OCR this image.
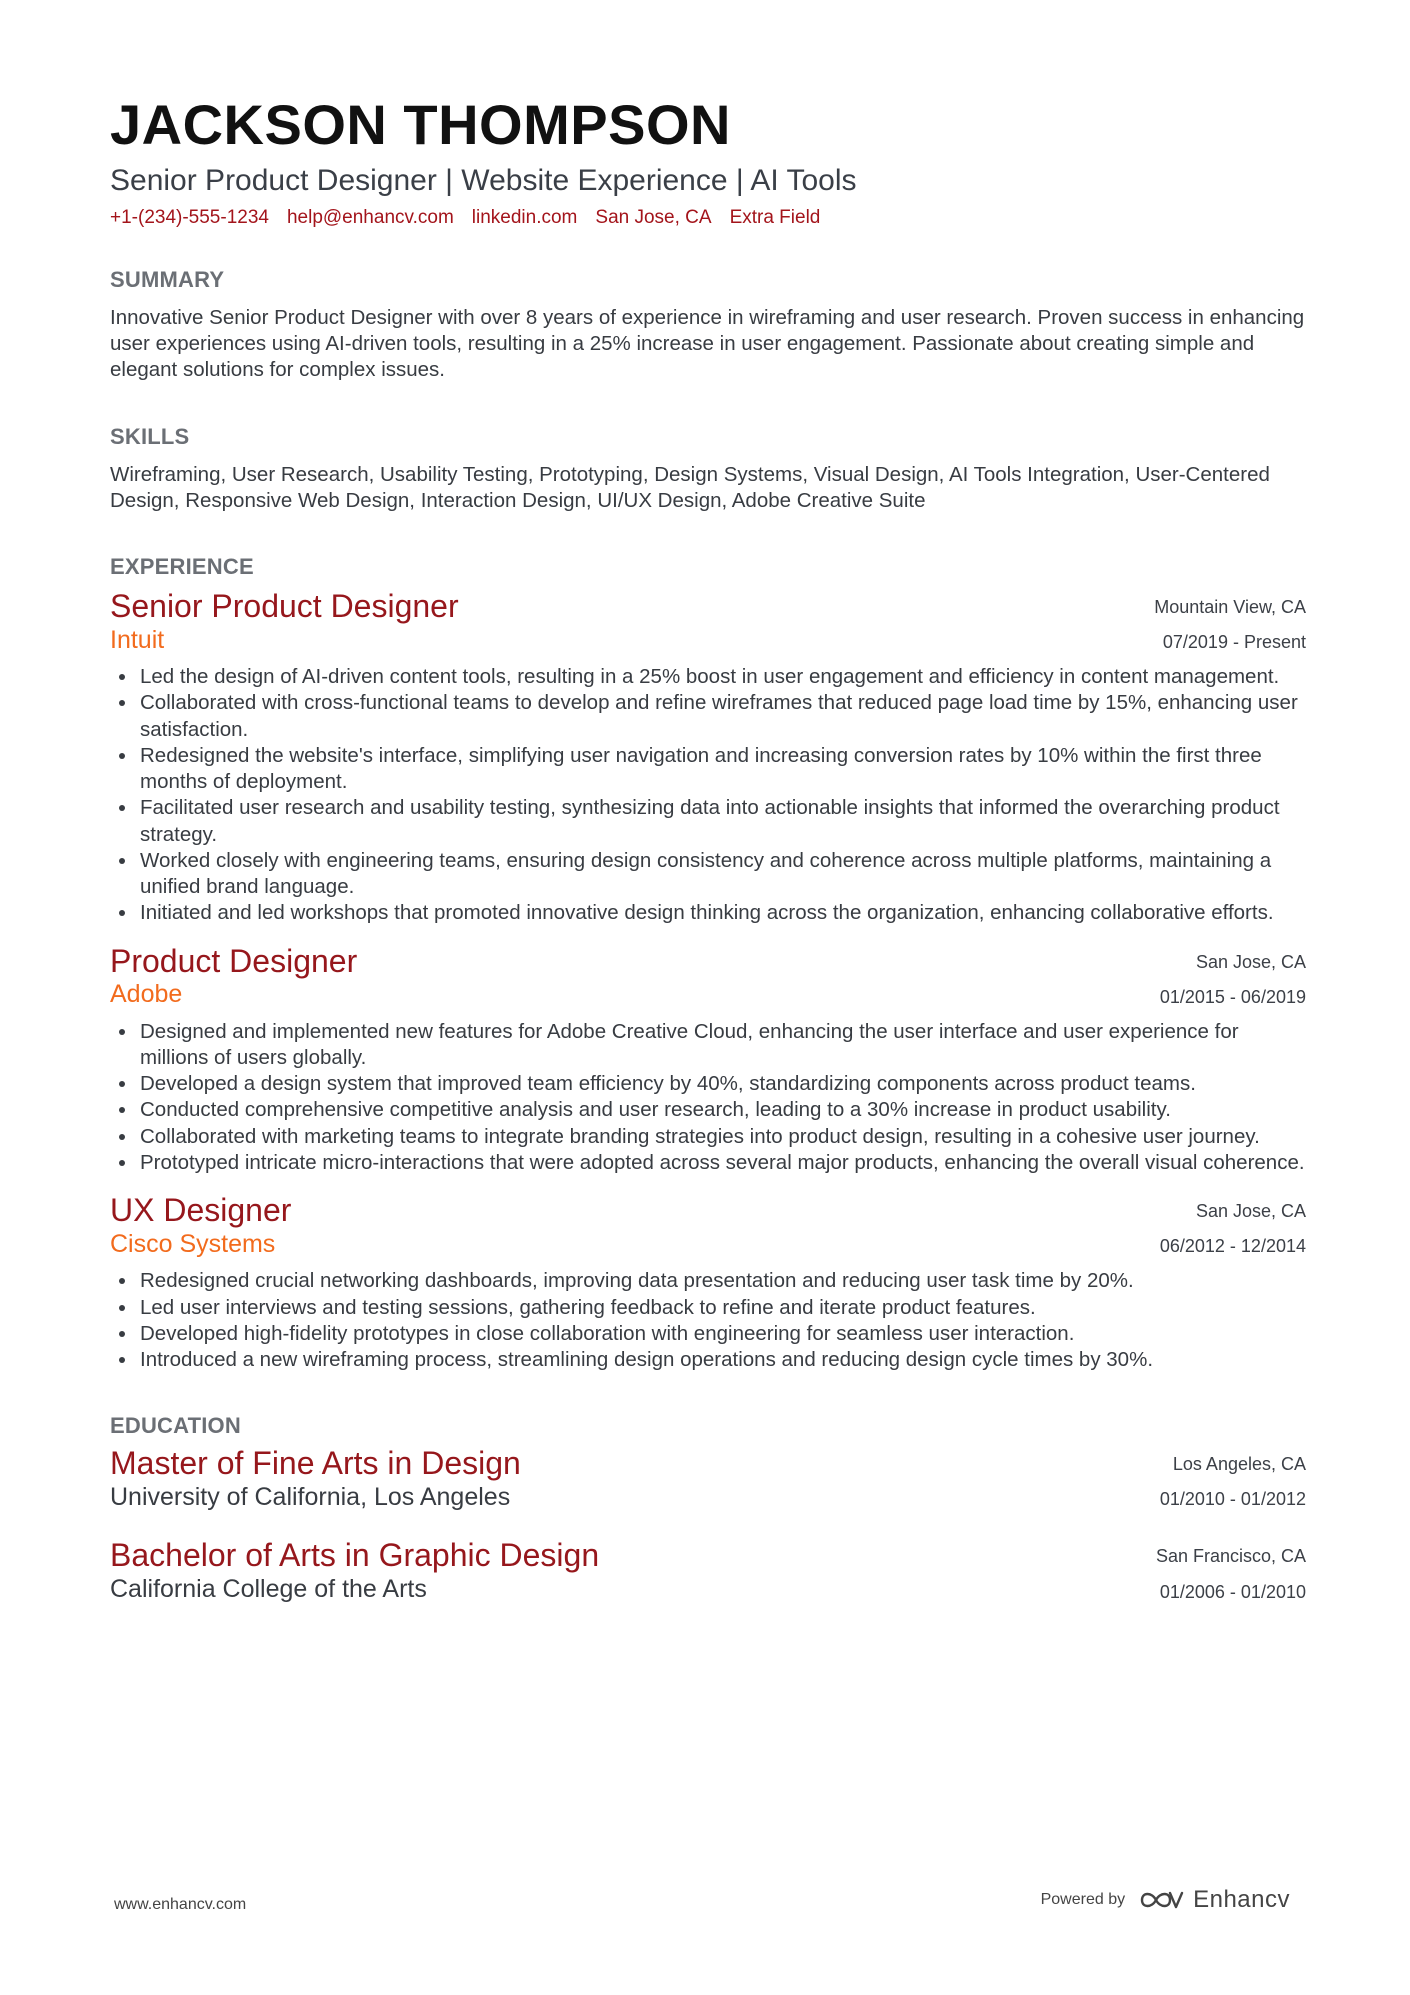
JACKSON THOMPSON
Senior Product Designer | Website Experience | AI Tools
+1-(234)-555-1234 help@enhancv.com linkedin.com San Jose, CA Extra Field
SUMMARY
Innovative Senior Product Designer with over 8 years of experience in wireframing and user research. Proven success in enhancing user experiences using AI-driven tools, resulting in a 25% increase in user engagement. Passionate about creating simple and elegant solutions for complex issues.
SKILLS
Wireframing, User Research, Usability Testing, Prototyping, Design Systems, Visual Design, AI Tools Integration, User-Centered Design, Responsive Web Design, Interaction Design, UI/UX Design, Adobe Creative Suite
EXPERIENCE
Senior Product Designer
Intuit
Mountain View, CA
07/2019 - Present
• Led the design of AI-driven content tools, resulting in a 25% boost in user engagement and efficiency in content management.
• Collaborated with cross-functional teams to develop and refine wireframes that reduced page load time by 15%, enhancing user satisfaction.
• Redesigned the website's interface, simplifying user navigation and increasing conversion rates by 10% within the first three months of deployment.
• Facilitated user research and usability testing, synthesizing data into actionable insights that informed the overarching product strategy.
• Worked closely with engineering teams, ensuring design consistency and coherence across multiple platforms, maintaining a unified brand language.
• Initiated and led workshops that promoted innovative design thinking across the organization, enhancing collaborative efforts.
Product Designer
Adobe
San Jose, CA
01/2015 - 06/2019
• Designed and implemented new features for Adobe Creative Cloud, enhancing the user interface and user experience for millions of users globally.
• Developed a design system that improved team efficiency by 40%, standardizing components across product teams.
• Conducted comprehensive competitive analysis and user research, leading to a 30% increase in product usability.
• Collaborated with marketing teams to integrate branding strategies into product design, resulting in a cohesive user journey.
• Prototyped intricate micro-interactions that were adopted across several major products, enhancing the overall visual coherence.
UX Designer
Cisco Systems
San Jose, CA
06/2012 - 12/2014
• Redesigned crucial networking dashboards, improving data presentation and reducing user task time by 20%.
• Led user interviews and testing sessions, gathering feedback to refine and iterate product features.
• Developed high-fidelity prototypes in close collaboration with engineering for seamless user interaction.
• Introduced a new wireframing process, streamlining design operations and reducing design cycle times by 30%.
EDUCATION
Master of Fine Arts in Design
University of California, Los Angeles
Los Angeles, CA
01/2010 - 01/2012
Bachelor of Arts in Graphic Design
California College of the Arts
San Francisco, CA
01/2006 - 01/2010
www.enhancv.com	Powered by	Enhancv
